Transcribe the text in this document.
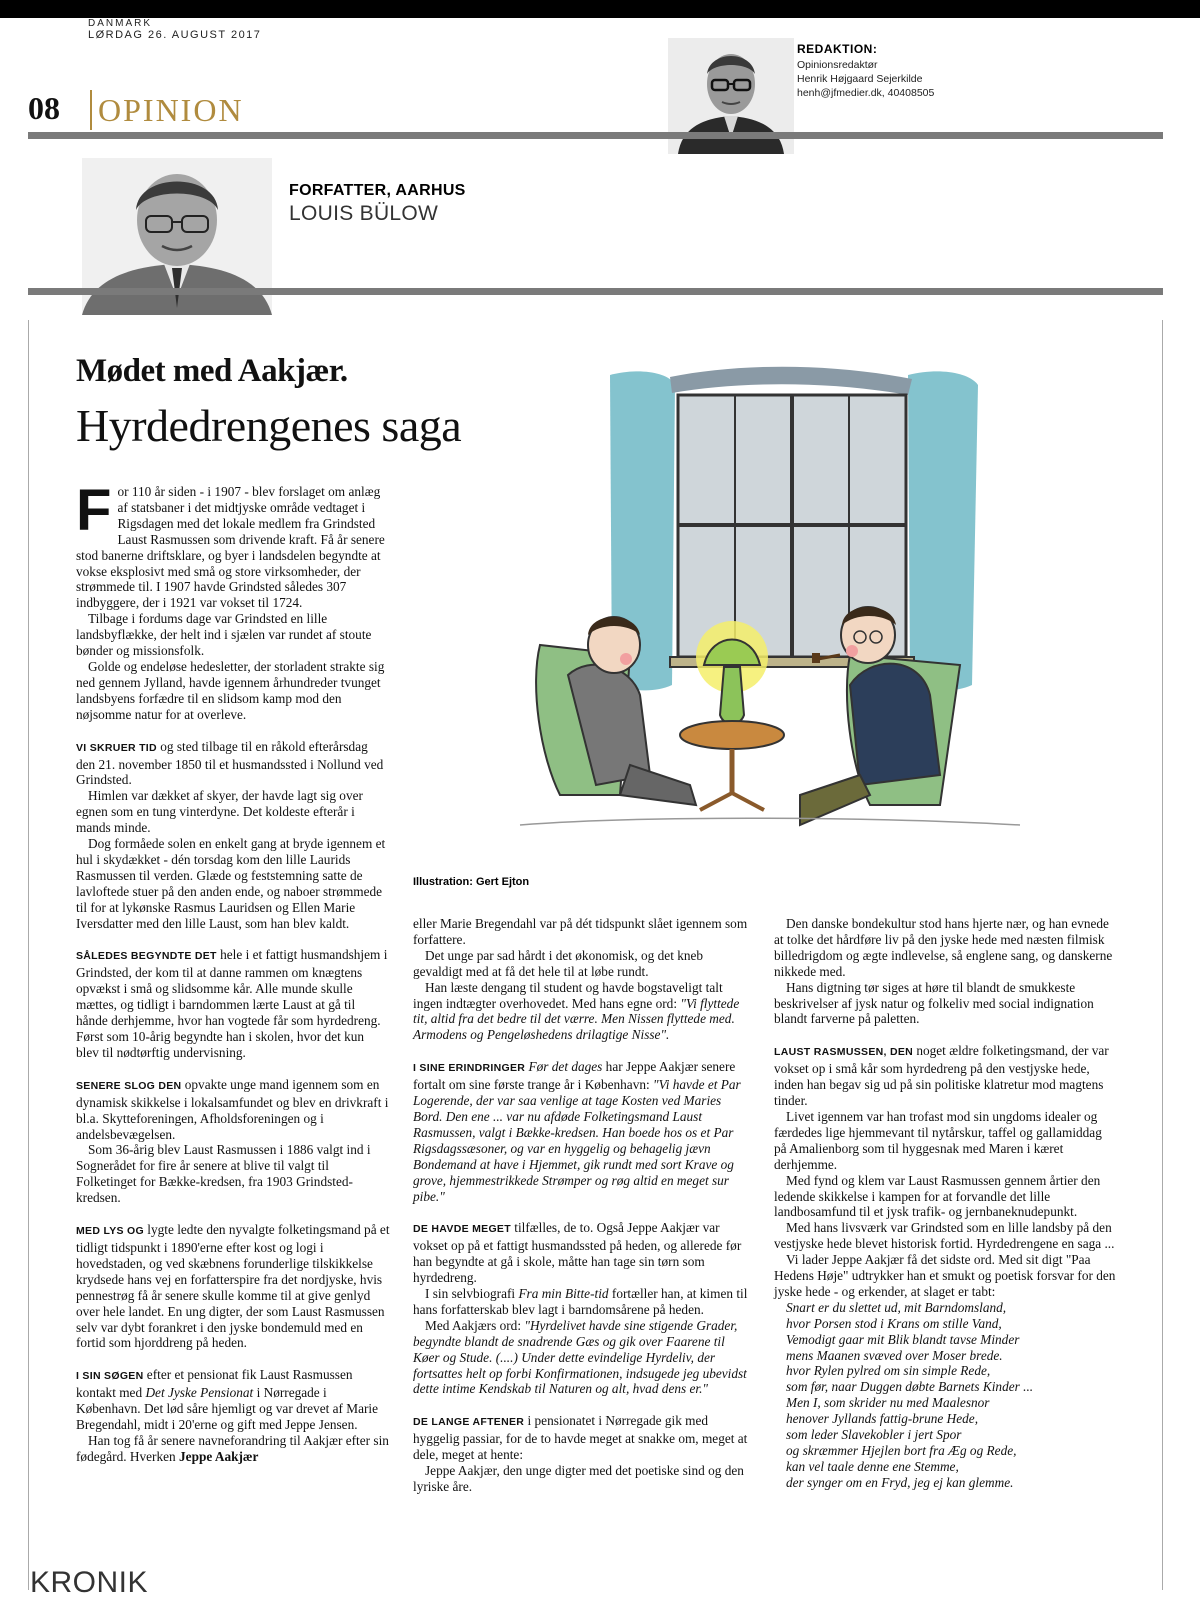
DANMARK
LØRDAG 26. AUGUST 2017
08 OPINION
REDAKTION:
Opinionsredaktør
Henrik Højgaard Sejerkilde
henh@jfmedier.dk, 40408505
FORFATTER, AARHUS
LOUIS BÜLOW
Mødet med Aakjær.
Hyrdedrengenes saga
Illustration: Gert Ejton

For 110 år siden - i 1907 - blev forslaget om anlæg af statsbaner i det midtjyske område vedtaget i Rigsdagen med det lokale medlem fra Grindsted Laust Rasmussen som drivende kraft. Få år senere stod banerne driftsklare, og byer i landsdelen begyndte at vokse eksplosivt med små og store virksomheder, der strømmede til. I 1907 havde Grindsted således 307 indbyggere, der i 1921 var vokset til 1724.

Tilbage i fordums dage var Grindsted en lille landsbyflække, der helt ind i sjælen var rundet af stoute bønder og missionsfolk.

Golde og endeløse hedesletter, der storladent strakte sig ned gennem Jylland, havde igennem århundreder tvunget landsbyens forfædre til en slidsom kamp mod den nøjsomme natur for at overleve.

VI SKRUER TID og sted tilbage til en råkold efterårsdag den 21. november 1850 til et husmandssted i Nollund ved Grindsted.

Himlen var dækket af skyer, der havde lagt sig over egnen som en tung vinterdyne. Det koldeste efterår i mands minde.

Dog formåede solen en enkelt gang at bryde igennem et hul i skydækket - dén torsdag kom den lille Laurids Rasmussen til verden. Glæde og feststemning satte de lavloftede stuer på den anden ende, og naboer strømmede til for at lykønske Rasmus Lauridsen og Ellen Marie Iversdatter med den lille Laust, som han blev kaldt.

SÅLEDES BEGYNDTE DET hele i et fattigt husmandshjem i Grindsted, der kom til at danne rammen om knægtens opvækst i små og slidsomme kår. Alle munde skulle mættes, og tidligt i barndommen lærte Laust at gå til hånde derhjemme, hvor han vogtede får som hyrdedreng. Først som 10-årig begyndte han i skolen, hvor det kun blev til nødtørftig undervisning.

SENERE SLOG DEN opvakte unge mand igennem som en dynamisk skikkelse i lokalsamfundet og blev en drivkraft i bl.a. Skytteforeningen, Afholdsforeningen og i andelsbevægelsen.

Som 36-årig blev Laust Rasmussen i 1886 valgt ind i Sognerådet for fire år senere at blive til valgt til Folketinget for Bække-kredsen, fra 1903 Grindsted-kredsen.

MED LYS OG lygte ledte den nyvalgte folketingsmand på et tidligt tidspunkt i 1890'erne efter kost og logi i hovedstaden, og ved skæbnens forunderlige tilskikkelse krydsede hans vej en forfatterspire fra det nordjyske, hvis pennestrøg få år senere skulle komme til at give genlyd over hele landet. En ung digter, der som Laust Rasmussen selv var dybt forankret i den jyske bondemuld med en fortid som hjorddreng på heden.

I SIN SØGEN efter et pensionat fik Laust Rasmussen kontakt med Det Jyske Pensionat i Nørregade i København. Det lød såre hjemligt og var drevet af Marie Bregendahl, midt i 20'erne og gift med Jeppe Jensen.

Han tog få år senere navneforandring til Aakjær efter sin fødegård. Hverken Jeppe Aakjær

eller Marie Bregendahl var på dét tidspunkt slået igennem som forfattere.

Det unge par sad hårdt i det økonomisk, og det kneb gevaldigt med at få det hele til at løbe rundt.

Han læste dengang til student og havde bogstaveligt talt ingen indtægter overhovedet. Med hans egne ord: "Vi flyttede tit, altid fra det bedre til det værre. Men Nissen flyttede med. Armodens og Pengeløshedens drilagtige Nisse".

I SINE ERINDRINGER Før det dages har Jeppe Aakjær senere fortalt om sine første trange år i København: "Vi havde et Par Logerende, der var saa venlige at tage Kosten ved Maries Bord. Den ene ... var nu afdøde Folketingsmand Laust Rasmussen, valgt i Bække-kredsen. Han boede hos os et Par Rigsdagssæsoner, og var en hyggelig og behagelig jævn Bondemand at have i Hjemmet, gik rundt med sort Krave og grove, hjemmestrikkede Strømper og røg altid en meget sur pibe."

DE HAVDE MEGET tilfælles, de to. Også Jeppe Aakjær var vokset op på et fattigt husmandssted på heden, og allerede før han begyndte at gå i skole, måtte han tage sin tørn som hyrdedreng.

I sin selvbiografi Fra min Bitte-tid fortæller han, at kimen til hans forfatterskab blev lagt i barndomsårene på heden.

Med Aakjærs ord: "Hyrdelivet havde sine stigende Grader, begyndte blandt de snadrende Gæs og gik over Faarene til Køer og Stude. (....) Under dette evindelige Hyrdeliv, der fortsattes helt op forbi Konfirmationen, indsugede jeg ubevidst dette intime Kendskab til Naturen og alt, hvad dens er."

DE LANGE AFTENER i pensionatet i Nørregade gik med hyggelig passiar, for de to havde meget at snakke om, meget at dele, meget at hente:

Jeppe Aakjær, den unge digter med det poetiske sind og den lyriske åre.

Den danske bondekultur stod hans hjerte nær, og han evnede at tolke det hårdføre liv på den jyske hede med næsten filmisk billedrigdom og ægte indlevelse, så englene sang, og danskerne nikkede med.

Hans digtning tør siges at høre til blandt de smukkeste beskrivelser af jysk natur og folkeliv med social indignation blandt farverne på paletten.

LAUST RASMUSSEN, DEN noget ældre folketingsmand, der var vokset op i små kår som hyrdedreng på den vestjyske hede, inden han begav sig ud på sin politiske klatretur mod magtens tinder.

Livet igennem var han trofast mod sin ungdoms idealer og færdedes lige hjemmevant til nytårskur, taffel og gallamiddag på Amalienborg som til hyggesnak med Maren i kæret derhjemme.

Med fynd og klem var Laust Rasmussen gennem årtier den ledende skikkelse i kampen for at forvandle det lille landbosamfund til et jysk trafik- og jernbaneknudepunkt.

Med hans livsværk var Grindsted som en lille landsby på den vestjyske hede blevet historisk fortid. Hyrdedrengene en saga ...

Vi lader Jeppe Aakjær få det sidste ord. Med sit digt "Paa Hedens Høje" udtrykker han et smukt og poetisk forsvar for den jyske hede - og erkender, at slaget er tabt:

Snart er du slettet ud, mit Barndomsland,

hvor Porsen stod i Krans om stille Vand,

Vemodigt gaar mit Blik blandt tavse Minder

mens Maanen svæved over Moser brede.

hvor Rylen pylred om sin simple Rede,

som før, naar Duggen døbte Barnets Kinder ...

Men I, som skrider nu med Maalesnor

henover Jyllands fattig-brune Hede,

som leder Slavekobler i jert Spor

og skræmmer Hjejlen bort fra Æg og Rede,

kan vel taale denne ene Stemme,

der synger om en Fryd, jeg ej kan glemme.

KRONIK
